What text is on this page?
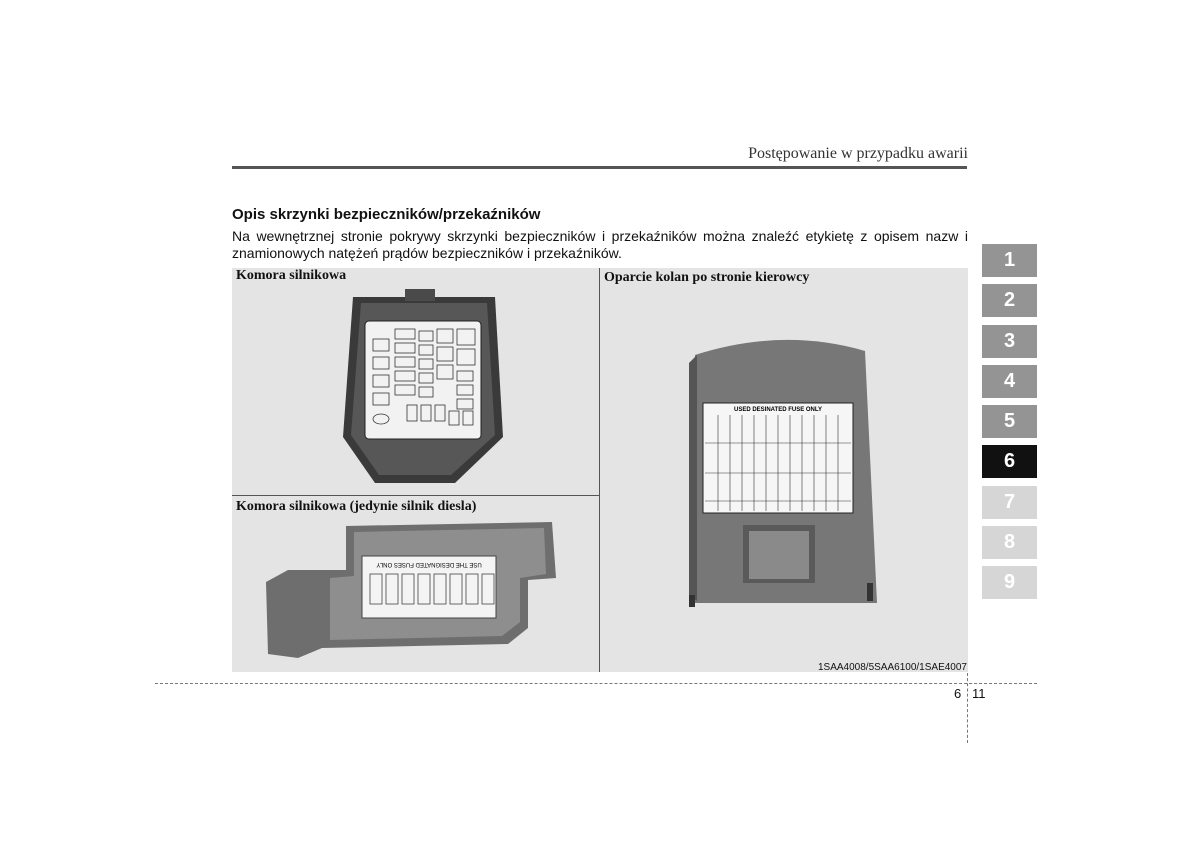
Postępowanie w przypadku awarii
Opis skrzynki bezpieczników/przekaźników
Na wewnętrznej stronie pokrywy skrzynki bezpieczników i przekaźników można znaleźć etykietę z opisem nazw i znamionowych natężeń prądów bezpieczników i przekaźników.
Komora silnikowa
Komora silnikowa (jedynie silnik diesla)
Oparcie kolan po stronie kierowcy
USE THE DESIGNATED FUSES ONLY
USED DESINATED FUSE ONLY
1SAA4008/5SAA6100/1SAE4007
1
2
3
4
5
6
7
8
9
6 11
